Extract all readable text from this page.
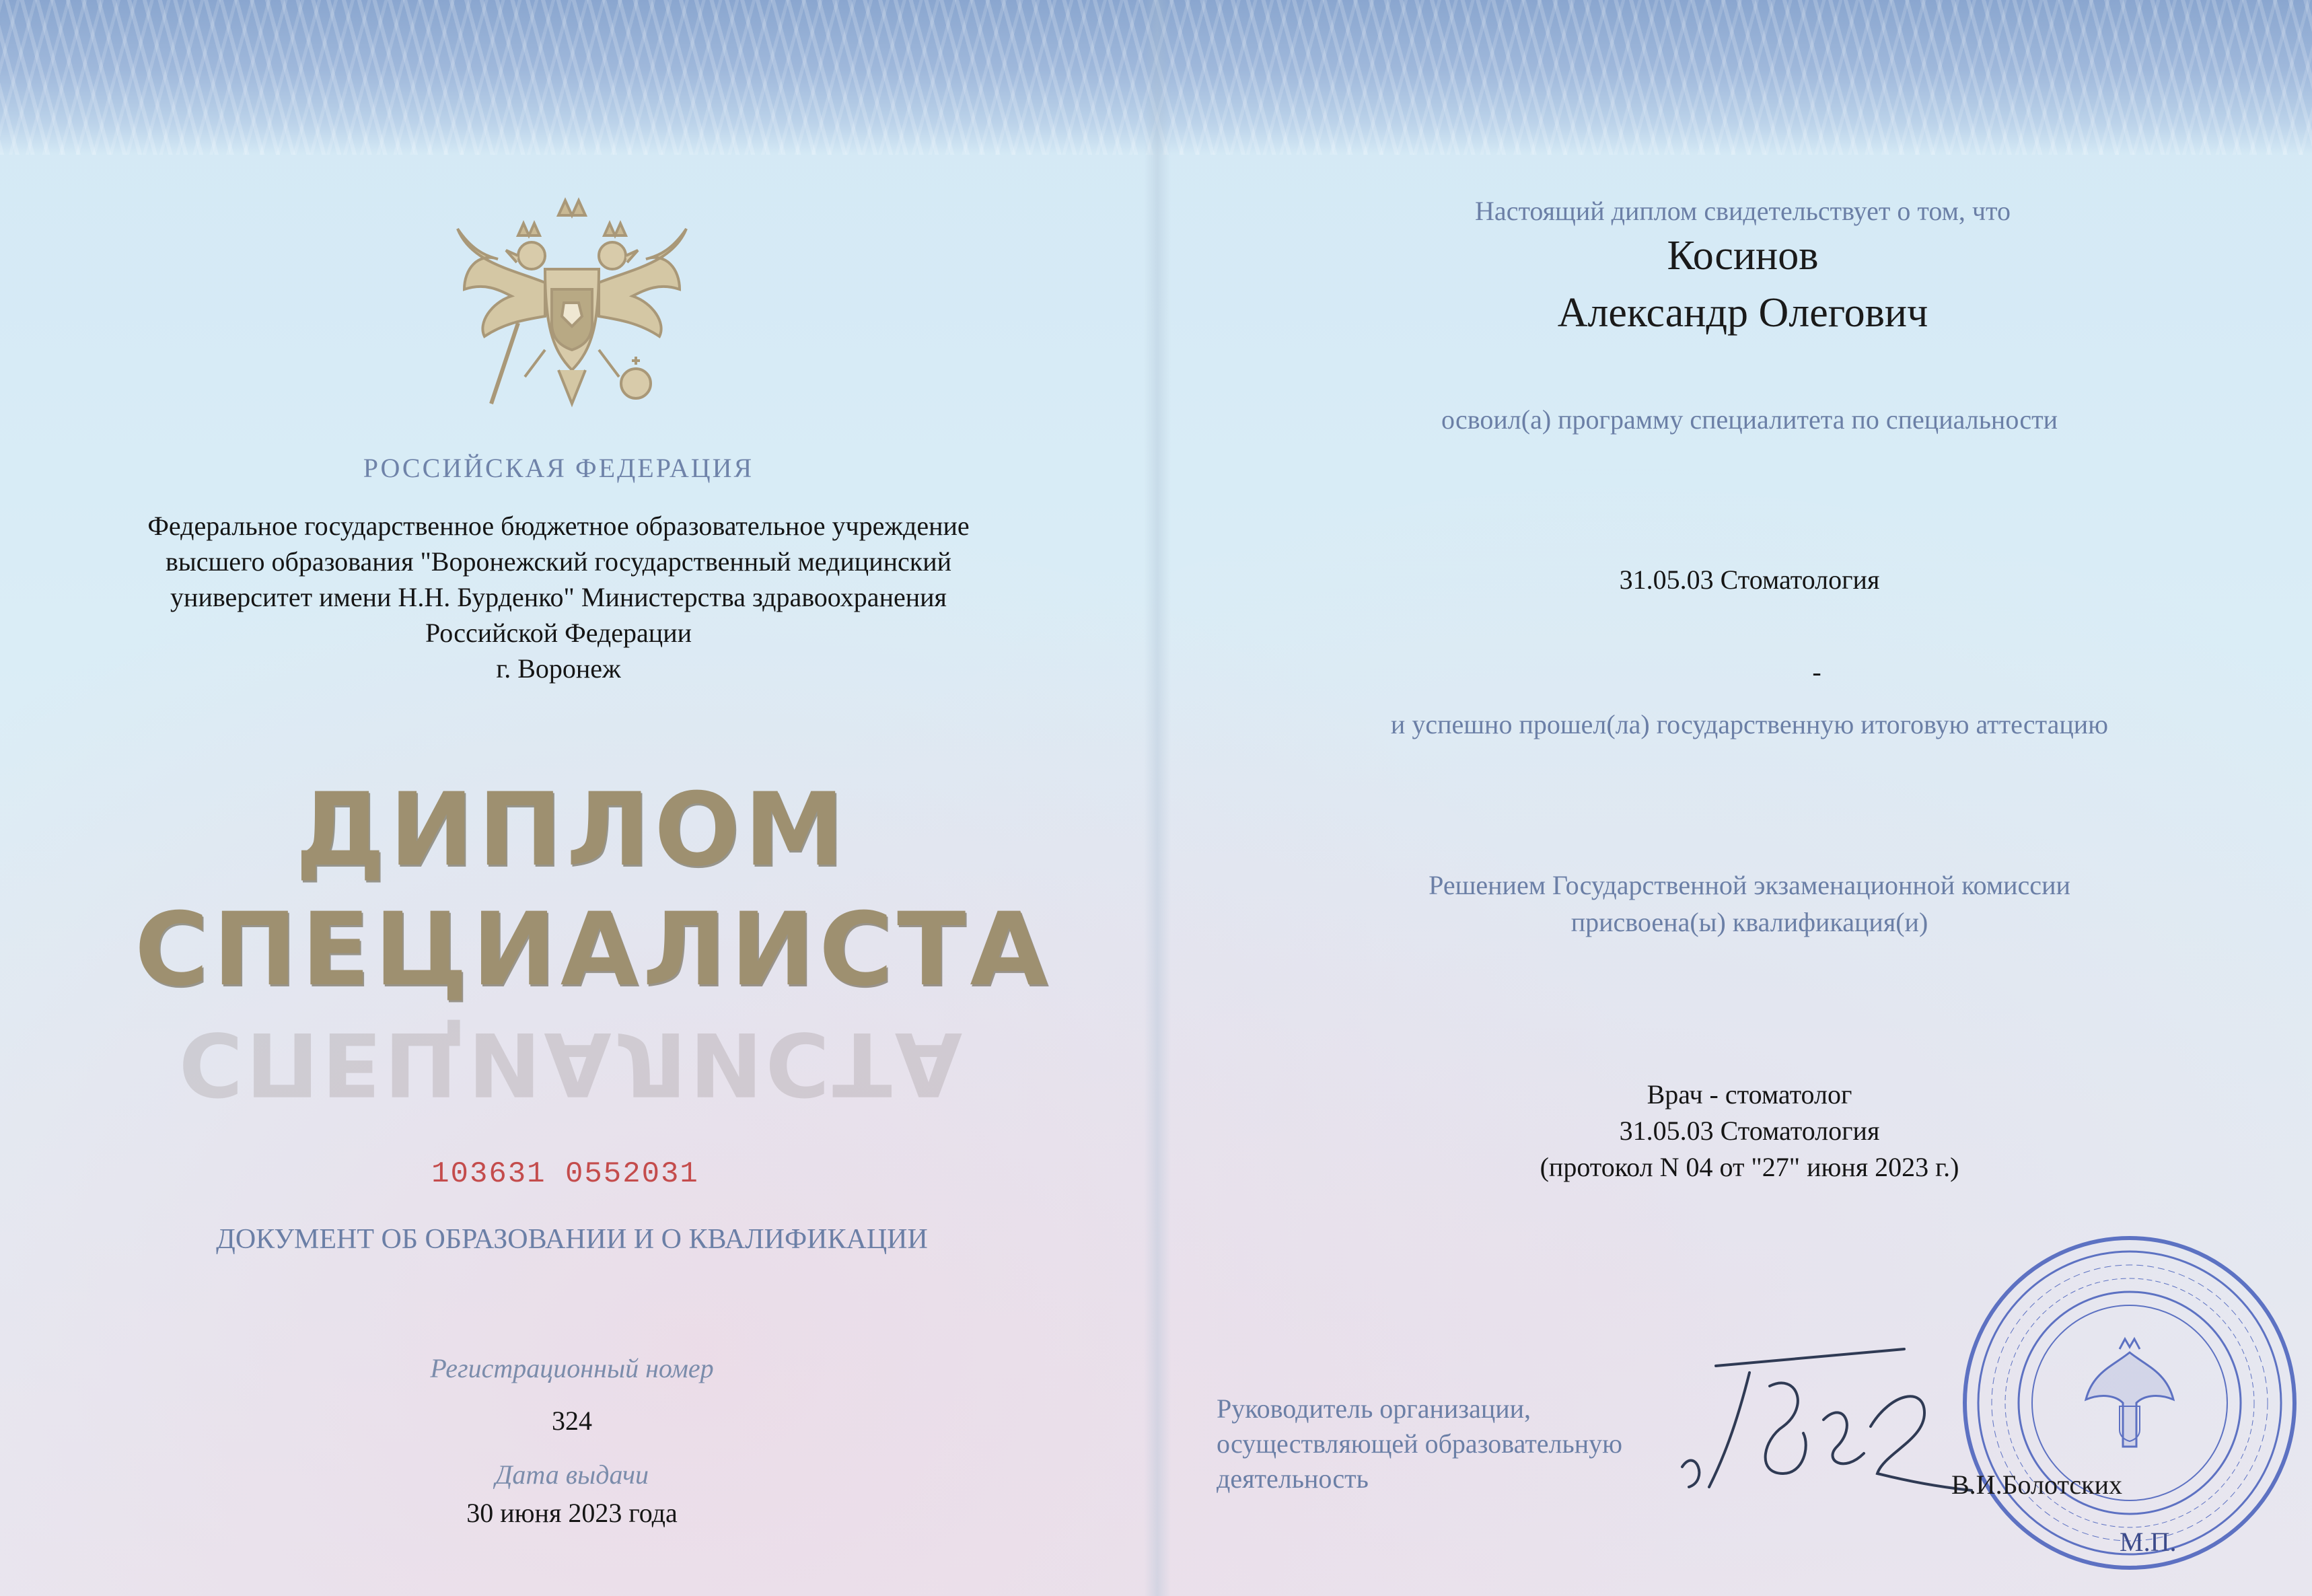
РОССИЙСКАЯ ФЕДЕРАЦИЯ
Федеральное государственное бюджетное образовательное учреждение
высшего образования "Воронежский государственный медицинский
университет имени Н.Н. Бурденко" Министерства здравоохранения
Российской Федерации
г. Воронеж
ДИПЛОМ
СПЕЦИАЛИСТА
СПЕЦИАЛИСТА
103631 0552031
ДОКУМЕНТ ОБ ОБРАЗОВАНИИ И О КВАЛИФИКАЦИИ
Регистрационный номер
324
Дата выдачи
30 июня 2023 года
Настоящий диплом свидетельствует о том, что
Косинов
Александр Олегович
освоил(а) программу специалитета по специальности
31.05.03 Стоматология
-
и успешно прошел(ла) государственную итоговую аттестацию
Решением Государственной экзаменационной комиссии
присвоена(ы) квалификация(и)
Врач - стоматолог
31.05.03 Стоматология
(протокол N 04 от "27" июня 2023 г.)
Руководитель организации,
осуществляющей образовательную
деятельность	В.И.Болотских
М.П.
